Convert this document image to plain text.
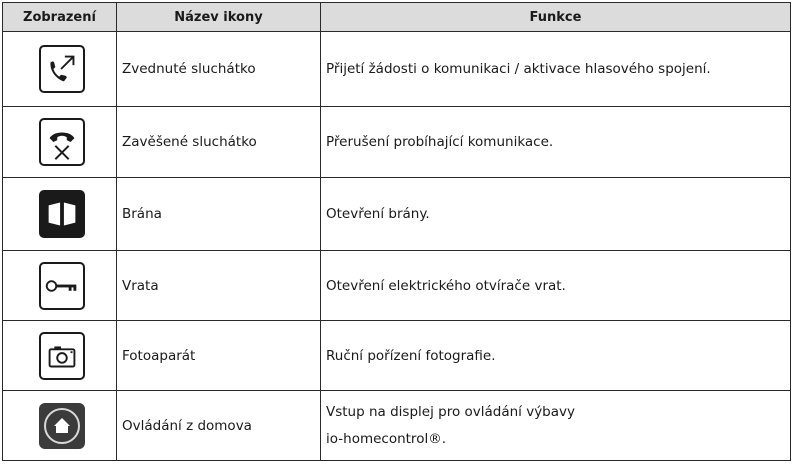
Zobrazení	Název ikony	Funkce

	Zvednuté sluchátko	Přijetí žádosti o komunikaci / aktivace hlasového spojení.

	Zavěšené sluchátko	Přerušení probíhající komunikace.

	Brána	Otevření brány.

	Vrata	Otevření elektrického otvírače vrat.

	Fotoaparát	Ruční pořízení fotografie.

	Ovládání z domova	Vstup na displej pro ovládání výbavy
io-homecontrol®.
